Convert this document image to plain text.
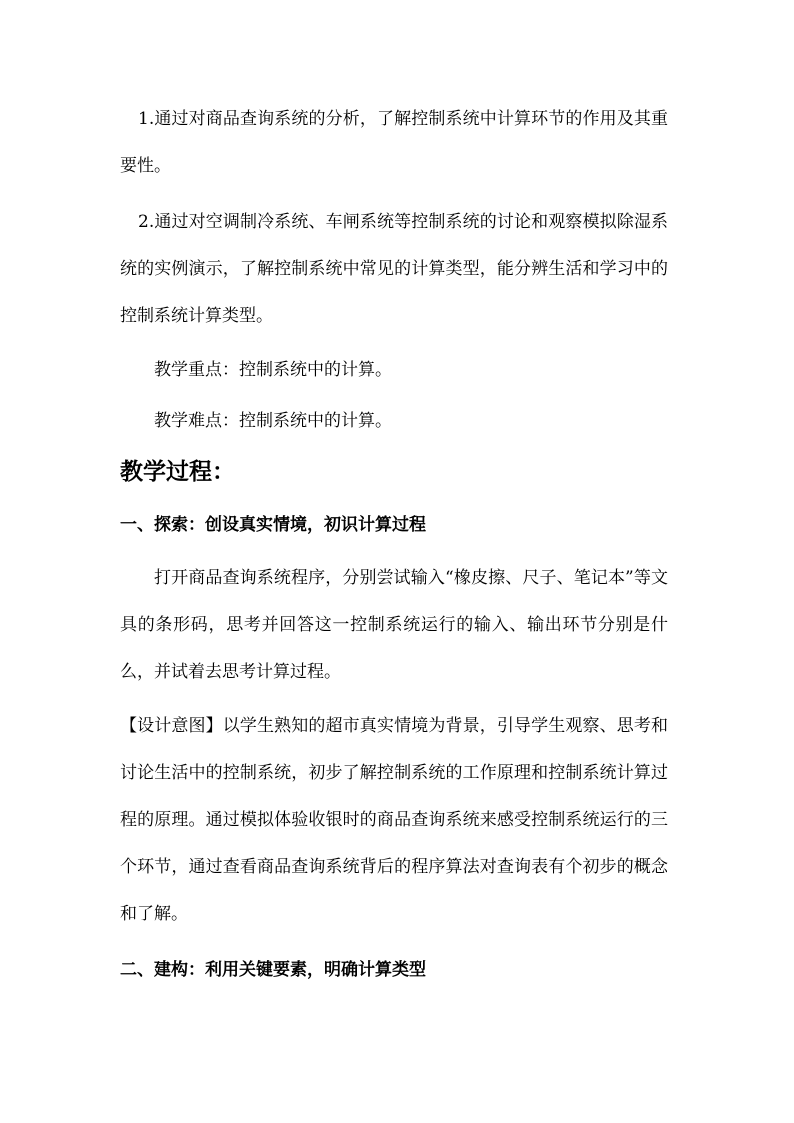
1.通过对商品查询系统的分析，了解控制系统中计算环节的作用及其重要性。

2.通过对空调制冷系统、车闸系统等控制系统的讨论和观察模拟除湿系统的实例演示，了解控制系统中常见的计算类型，能分辨生活和学习中的控制系统计算类型。

教学重点：控制系统中的计算。

教学难点：控制系统中的计算。

教学过程：
一、探索：创设真实情境，初识计算过程

打开商品查询系统程序，分别尝试输入“橡皮擦、尺子、笔记本”等文具的条形码，思考并回答这一控制系统运行的输入、输出环节分别是什么，并试着去思考计算过程。

【设计意图】以学生熟知的超市真实情境为背景，引导学生观察、思考和讨论生活中的控制系统，初步了解控制系统的工作原理和控制系统计算过程的原理。通过模拟体验收银时的商品查询系统来感受控制系统运行的三个环节，通过查看商品查询系统背后的程序算法对查询表有个初步的概念和了解。

二、建构：利用关键要素，明确计算类型
